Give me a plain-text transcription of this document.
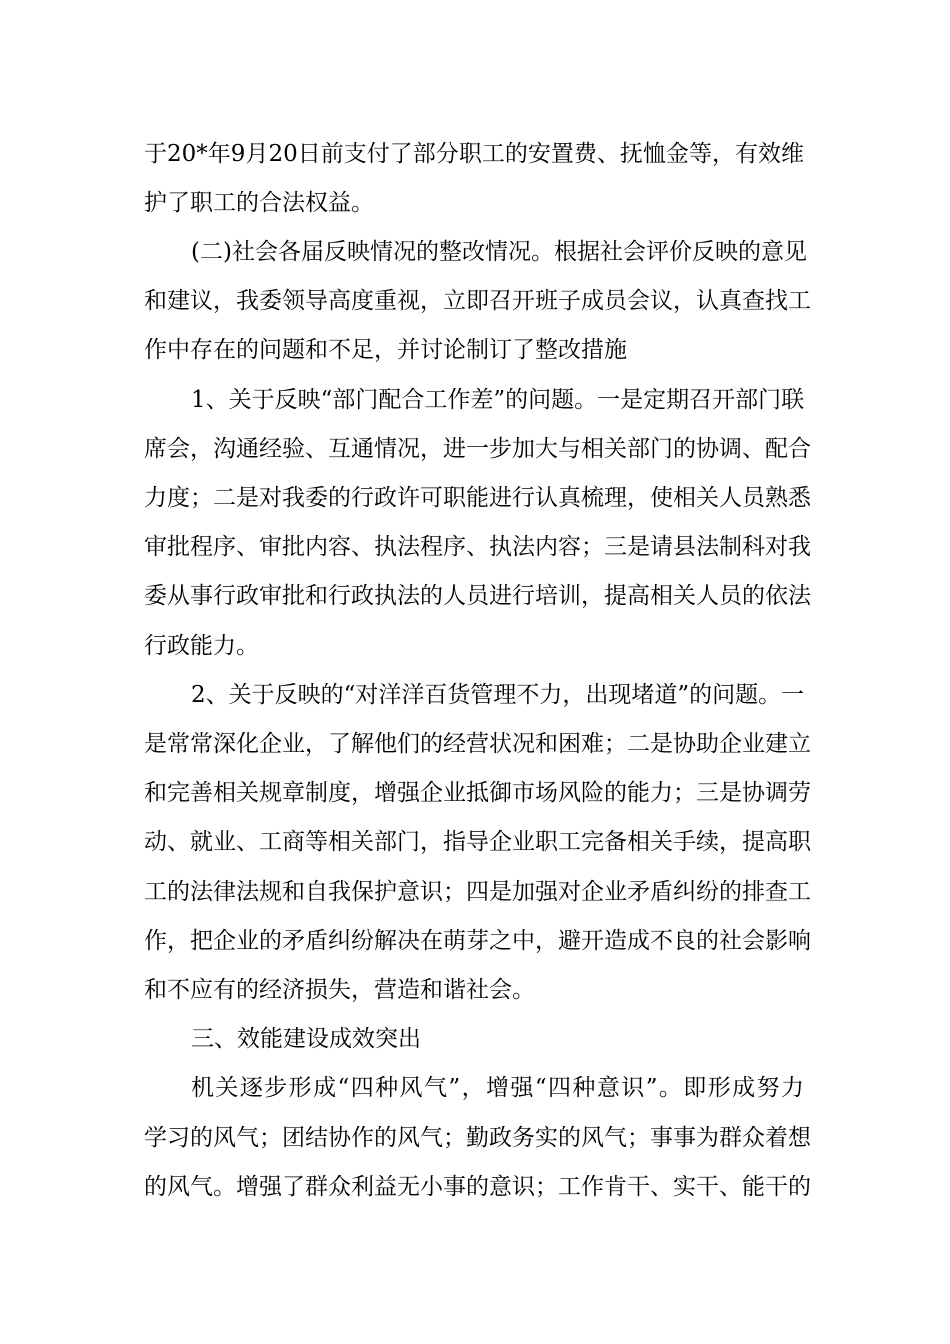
于20*年9月20日前支付了部分职工的安置费、抚恤金等，有效维
护了职工的合法权益。
(二)社会各届反映情况的整改情况。根据社会评价反映的意见
和建议，我委领导高度重视，立即召开班子成员会议，认真查找工
作中存在的问题和不足，并讨论制订了整改措施
1、关于反映“部门配合工作差”的问题。一是定期召开部门联
席会，沟通经验、互通情况，进一步加大与相关部门的协调、配合
力度；二是对我委的行政许可职能进行认真梳理，使相关人员熟悉
审批程序、审批内容、执法程序、执法内容；三是请县法制科对我
委从事行政审批和行政执法的人员进行培训，提高相关人员的依法
行政能力。
2、关于反映的“对洋洋百货管理不力，出现堵道”的问题。一
是常常深化企业，了解他们的经营状况和困难；二是协助企业建立
和完善相关规章制度，增强企业抵御市场风险的能力；三是协调劳
动、就业、工商等相关部门，指导企业职工完备相关手续，提高职
工的法律法规和自我保护意识；四是加强对企业矛盾纠纷的排查工
作，把企业的矛盾纠纷解决在萌芽之中，避开造成不良的社会影响
和不应有的经济损失，营造和谐社会。
三、效能建设成效突出
机关逐步形成“四种风气”，增强“四种意识”。即形成努力
学习的风气；团结协作的风气；勤政务实的风气；事事为群众着想
的风气。增强了群众利益无小事的意识；工作肯干、实干、能干的
